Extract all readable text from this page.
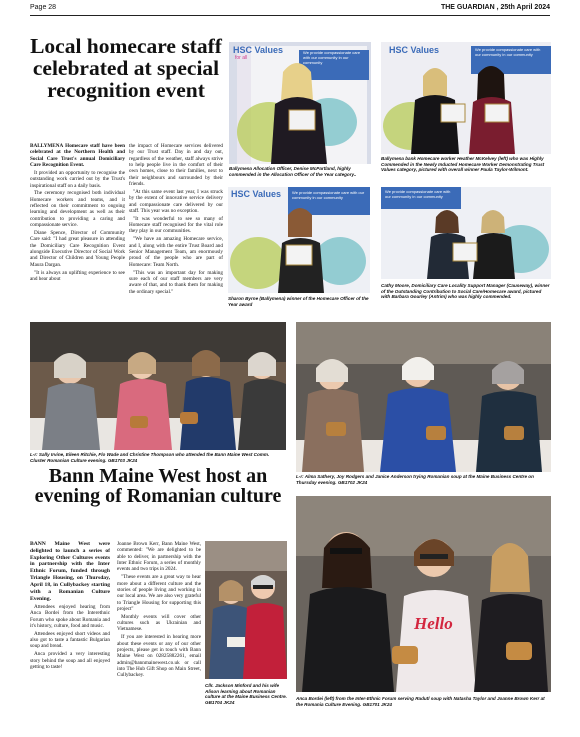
Page 28	THE GUARDIAN , 25th April 2024
Local homecare staff celebrated at special recognition event

BALLYMENA Homecare staff have been celebrated at the Northern Health and Social Care Trust's annual Domiciliary Care Recognition Event.

It provided an opportunity to recognise the outstanding work carried out by the Trust's inspirational staff on a daily basis.

The ceremony recognised both individual Homecare workers and teams, and it reflected on their commitment to ongoing learning and development as well as their contribution to providing a caring and compassionate service.

Diane Spence, Director of Community Care said: "I had great pleasure in attending the Domiciliary Care Recognition Event alongside Executive Director of Social Work and Director of Children and Young People Maura Dargan.

"It is always an uplifting experience to see and hear about

the impact of Homecare services delivered by our Trust staff. Day in and day out, regardless of the weather, staff always strive to help people live in the comfort of their own homes, close to their families, next to their neighbours and surrounded by their friends.

"At this same event last year, I was struck by the extent of innovative service delivery and compassionate care delivered by our staff. This year was no exception.

"It was wonderful to see so many of Homecare staff recognised for the vital role they play in our communities.

"We have an amazing Homecare service, and I, along with the entire Trust Board and Senior Management Team, am enormously proud of the people who are part of Homecare: Team North.

"This was an important day for making sure each of our staff members are very aware of that, and to thank them for making the ordinary special."

HSC Values
for all
We provide compassionate care with our community in our community
HSC Values	We provide compassionate care with our community in our community
Ballymena Allocation Officer, Denise McPartland, highly commended in the Allocation Officer of the Year category..
Ballymena bank Homecare worker Heather McKelvey (left) who was Highly Commended in the Newly Inducted Homecare Worker Demonstrating Trust Values category, pictured with overall winner Paula Taylor-Wilmont.
HSC Values	We provide compassionate care with our community in our community
We provide compassionate care with our community in our community
Sharon Byrne (Ballymena) winner of the Homecare Officer of the Year award
Cathy Moore, Domiciliary Care Locality Support Manager (Causeway), winner of the Outstanding Contribution to Social Care/Homecare award, pictured with Barbara Gourley (Antrim) who was highly commended.
L-r: Sally Irvine, Eileen Ritchie, Flo Wade and Christine Thompson who attended the Bann Maine West Comm. Cluster Romanian Culture evening. GB1703 JK24
Bann Maine West host an evening of Romanian culture
L-r: Alma Sathery, Joy Rodgers and Janice Anderson trying Romanian soup at the Maine Business Centre on Thursday evening. GB1702 JK24

BANN Maine West were delighted to launch a series of Exploring Other Cultures events in partnership with the Inter Ethnic Forum, funded through Triangle Housing, on Thursday, April 18, in Cullybackey starting with a Romanian Culture Evening.

Attendees enjoyed hearing from Anca Bordei from the Interethnic Forum who spoke about Romania and it's history, culture, food and music.

Attendees enjoyed short videos and also got to taste a fantastic Bulgarian soup and bread.

Anca provided a very interesting story behind the soup and all enjoyed getting to taste!

Joanne Brown Kerr, Bann Maine West, commented: "We are delighted to be able to deliver, in partnership with the Inter Ethnic Forum, a series of monthly events and two trips in 2024.

"These events are a great way to hear more about a different culture and the stories of people living and working in our local area. We are also very grateful to Triangle Housing for supporting this project"

Monthly events will cover other cultures such as Ukrainian and Vietnamese.

If you are interested in hearing more about these events or any of our other projects, please get in touch with Bann Maine West on 02825882261, email admin@bannmainewest.co.uk or call into The Hub Gift Shop on Main Street, Cullybackey.

Cllr. Jackson Minford and his wife Alison learning about Romanian culture at the Maine Business Centre. GB1704 JK24
Hello
Anca Bordei (left) from the Inter-Ethnic Forum serving Radutl soup with Natasha Taylor and Joanne Brown Kerr at the Romania Culture Evening. GB1701 JK24
